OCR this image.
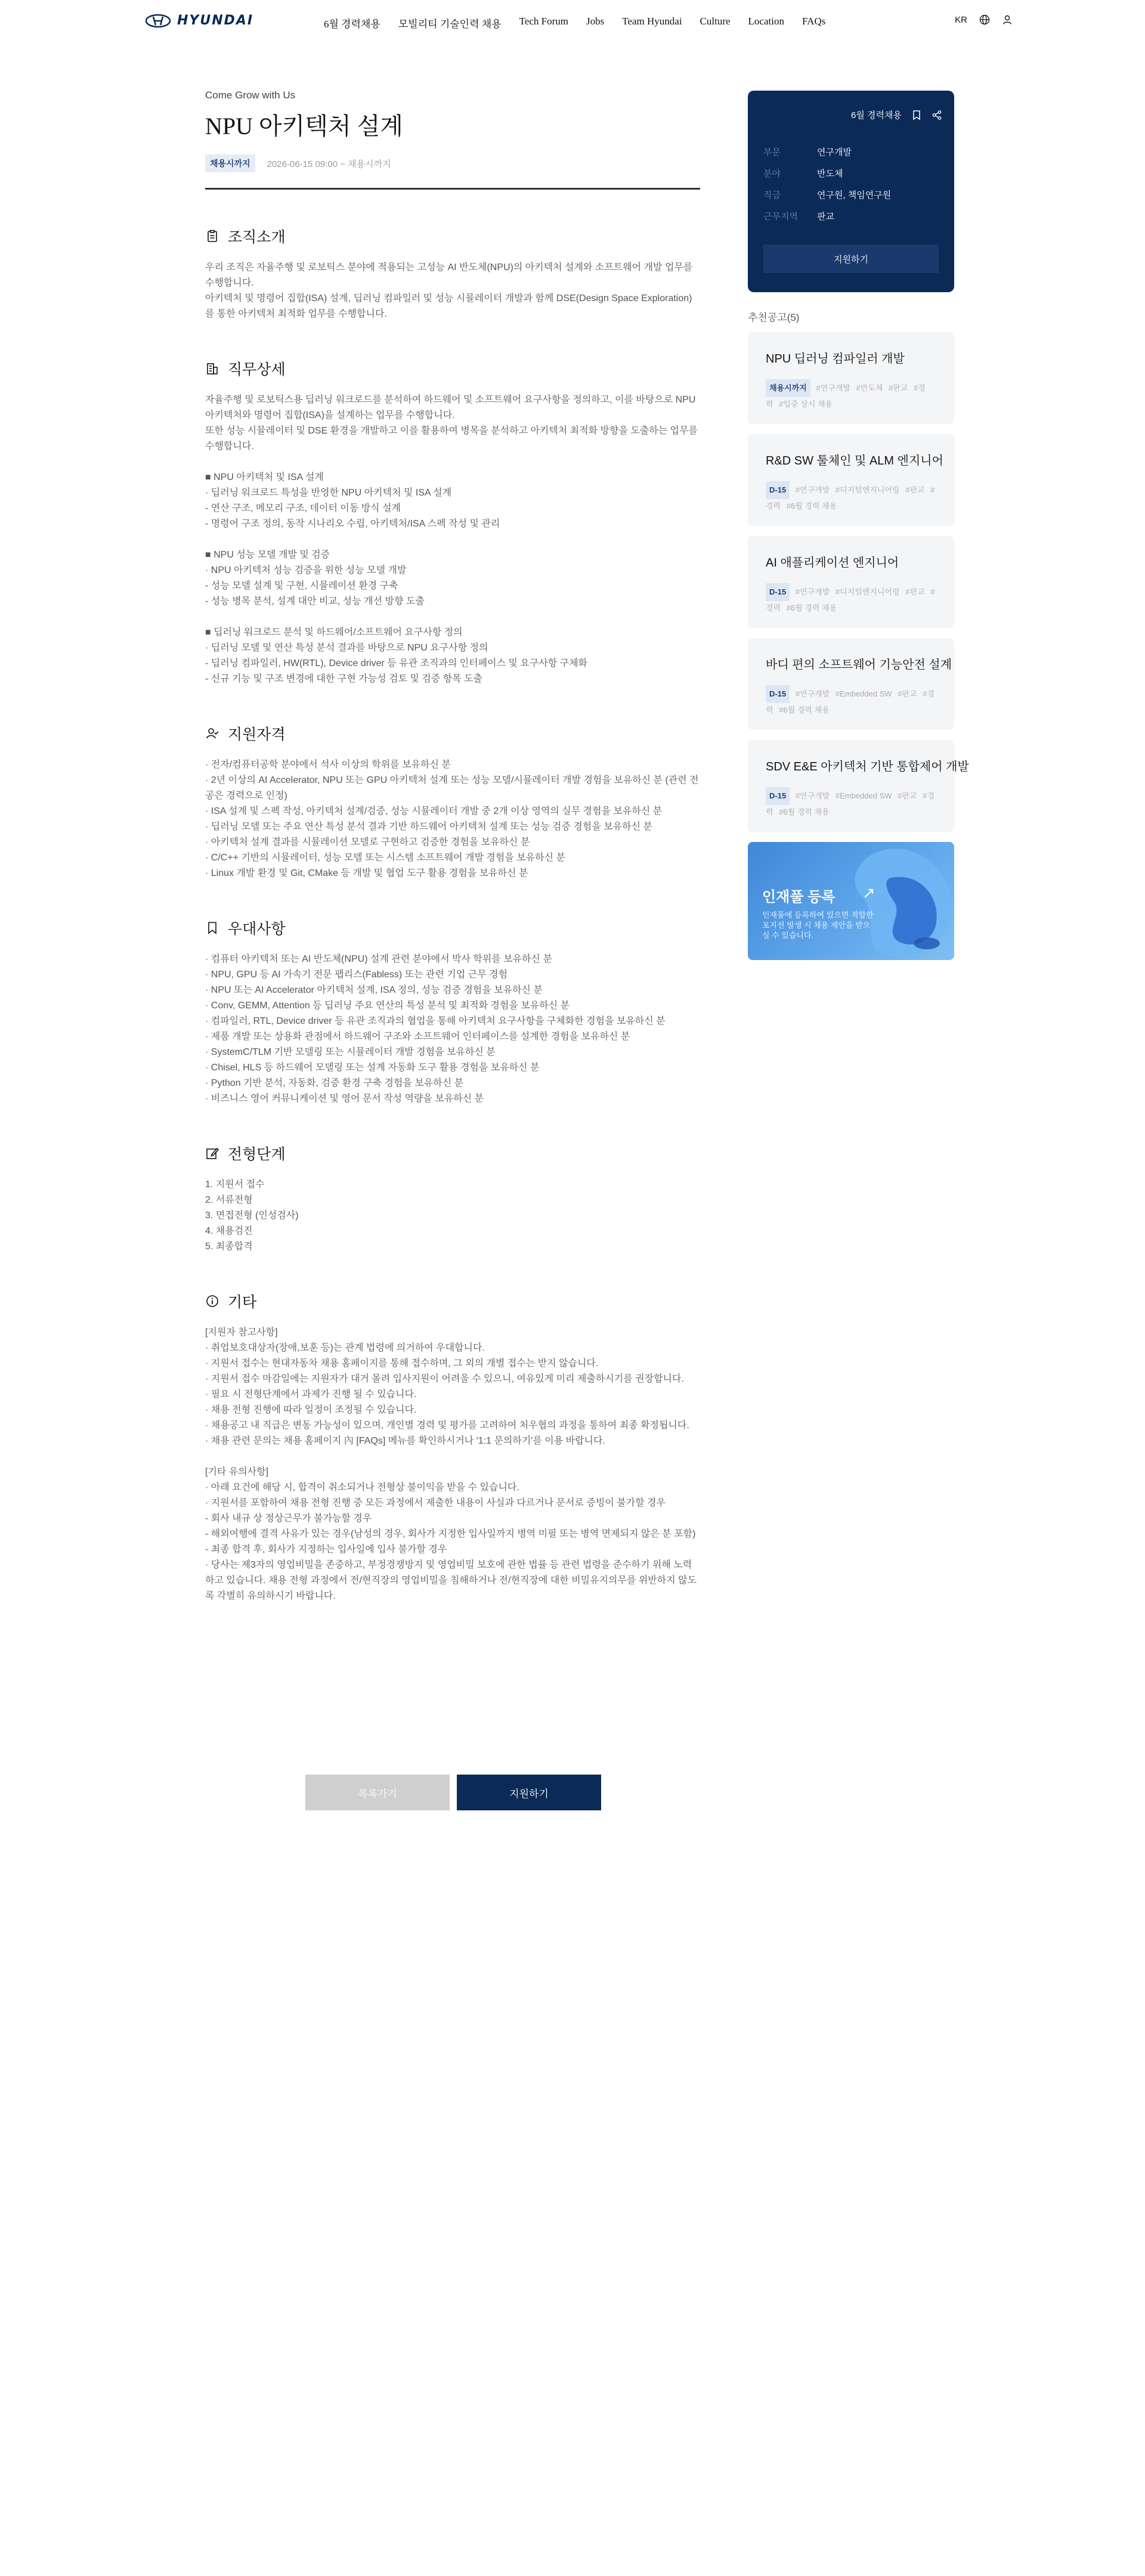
HYUNDAI	6월 경력채용 모빌리티 기술인력 채용 Tech Forum Jobs Team Hyundai Culture Location FAQs	KR
Come Grow with Us
NPU 아키텍처 설계
채용시까지	2026-06-15 09:00 ~ 채용시까지
조직소개
우리 조직은 자율주행 및 로보틱스 분야에 적용되는 고성능 AI 반도체(NPU)의 아키텍처 설계와 소프트웨어 개발 업무를 수행합니다.
아키텍처 및 명령어 집합(ISA) 설계, 딥러닝 컴파일러 및 성능 시뮬레이터 개발과 함께 DSE(Design Space Exploration)를 통한 아키텍처 최적화 업무를 수행합니다.
직무상세
자율주행 및 로보틱스용 딥러닝 워크로드를 분석하여 하드웨어 및 소프트웨어 요구사항을 정의하고, 이를 바탕으로 NPU 아키텍처와 명령어 집합(ISA)을 설계하는 업무를 수행합니다.
또한 성능 시뮬레이터 및 DSE 환경을 개발하고 이를 활용하여 병목을 분석하고 아키텍처 최적화 방향을 도출하는 업무를 수행합니다.

■ NPU 아키텍처 및 ISA 설계
· 딥러닝 워크로드 특성을 반영한 NPU 아키텍처 및 ISA 설계
- 연산 구조, 메모리 구조, 데이터 이동 방식 설계
- 명령어 구조 정의, 동작 시나리오 수립, 아키텍처/ISA 스펙 작성 및 관리

■ NPU 성능 모델 개발 및 검증
· NPU 아키텍처 성능 검증을 위한 성능 모델 개발
- 성능 모델 설계 및 구현, 시뮬레이션 환경 구축
- 성능 병목 분석, 설계 대안 비교, 성능 개선 방향 도출

■ 딥러닝 워크로드 분석 및 하드웨어/소프트웨어 요구사항 정의
· 딥러닝 모델 및 연산 특성 분석 결과를 바탕으로 NPU 요구사항 정의
- 딥러닝 컴파일러, HW(RTL), Device driver 등 유관 조직과의 인터페이스 및 요구사항 구체화
- 신규 기능 및 구조 변경에 대한 구현 가능성 검토 및 검증 항목 도출
지원자격
· 전자/컴퓨터공학 분야에서 석사 이상의 학위를 보유하신 분
· 2년 이상의 AI Accelerator, NPU 또는 GPU 아키텍처 설계 또는 성능 모델/시뮬레이터 개발 경험을 보유하신 분 (관련 전공은 경력으로 인정)
· ISA 설계 및 스펙 작성, 아키텍처 설계/검증, 성능 시뮬레이터 개발 중 2개 이상 영역의 실무 경험을 보유하신 분
· 딥러닝 모델 또는 주요 연산 특성 분석 결과 기반 하드웨어 아키텍처 설계 또는 성능 검증 경험을 보유하신 분
· 아키텍처 설계 결과를 시뮬레이션 모델로 구현하고 검증한 경험을 보유하신 분
· C/C++ 기반의 시뮬레이터, 성능 모델 또는 시스템 소프트웨어 개발 경험을 보유하신 분
· Linux 개발 환경 및 Git, CMake 등 개발 및 협업 도구 활용 경험을 보유하신 분
우대사항
· 컴퓨터 아키텍처 또는 AI 반도체(NPU) 설계 관련 분야에서 박사 학위를 보유하신 분
· NPU, GPU 등 AI 가속기 전문 팹리스(Fabless) 또는 관련 기업 근무 경험
· NPU 또는 AI Accelerator 아키텍처 설계, ISA 정의, 성능 검증 경험을 보유하신 분
· Conv, GEMM, Attention 등 딥러닝 주요 연산의 특성 분석 및 최적화 경험을 보유하신 분
· 컴파일러, RTL, Device driver 등 유관 조직과의 협업을 통해 아키텍처 요구사항을 구체화한 경험을 보유하신 분
· 제품 개발 또는 상용화 관점에서 하드웨어 구조와 소프트웨어 인터페이스를 설계한 경험을 보유하신 분
· SystemC/TLM 기반 모델링 또는 시뮬레이터 개발 경험을 보유하신 분
· Chisel, HLS 등 하드웨어 모델링 또는 설계 자동화 도구 활용 경험을 보유하신 분
· Python 기반 분석, 자동화, 검증 환경 구축 경험을 보유하신 분
· 비즈니스 영어 커뮤니케이션 및 영어 문서 작성 역량을 보유하신 분
전형단계
1. 지원서 접수
2. 서류전형
3. 면접전형 (인성검사)
4. 채용검진
5. 최종합격
기타
[지원자 참고사항]
· 취업보호대상자(장애,보훈 등)는 관계 법령에 의거하여 우대합니다.
· 지원서 접수는 현대자동차 채용 홈페이지를 통해 접수하며, 그 외의 개별 접수는 받지 않습니다.
· 지원서 접수 마감일에는 지원자가 대거 몰려 입사지원이 어려울 수 있으니, 여유있게 미리 제출하시기를 권장합니다.
· 필요 시 전형단계에서 과제가 진행 될 수 있습니다.
· 채용 전형 진행에 따라 일정이 조정될 수 있습니다.
· 채용공고 내 직급은 변동 가능성이 있으며, 개인별 경력 및 평가를 고려하여 처우협의 과정을 통하여 최종 확정됩니다.
· 채용 관련 문의는 채용 홈페이지 內 [FAQs] 메뉴를 확인하시거나 '1:1 문의하기'를 이용 바랍니다.

[기타 유의사항]
· 아래 요건에 해당 시, 합격이 취소되거나 전형상 불이익을 받을 수 있습니다.
· 지원서를 포함하여 채용 전형 진행 중 모든 과정에서 제출한 내용이 사실과 다르거나 문서로 증빙이 불가할 경우
- 회사 내규 상 정상근무가 불가능할 경우
- 해외여행에 결격 사유가 있는 경우(남성의 경우, 회사가 지정한 입사일까지 병역 미필 또는 병역 면제되지 않은 분 포함)
- 최종 합격 후, 회사가 지정하는 입사일에 입사 불가할 경우
· 당사는 제3자의 영업비밀을 존중하고, 부정경쟁방지 및 영업비밀 보호에 관한 법률 등 관련 법령을 준수하기 위해 노력하고 있습니다. 채용 전형 과정에서 전/현직장의 영업비밀을 침해하거나 전/현직장에 대한 비밀유지의무를 위반하지 않도록 각별히 유의하시기 바랍니다.
목록가기	지원하기
6월 경력채용
부문	연구개발
분야	반도체
직급	연구원, 책임연구원
근무지역	판교
지원하기
추천공고(5)
NPU 딥러닝 컴파일러 개발
채용시까지 #연구개발 #반도체 #판교 #경력 #입중 상시 채용
R&D SW 툴체인 및 ALM 엔지니어
D-15 #연구개발 #디지털엔지니어링 #판교 #경력 #6월 경력 채용
AI 애플리케이션 엔지니어
D-15 #연구개발 #디지털엔지니어링 #판교 #경력 #6월 경력 채용
바디 편의 소프트웨어 기능안전 설계
D-15 #연구개발 #Embedded SW #판교 #경력 #6월 경력 채용
SDV E&E 아키텍처 기반 통합제어 개발
D-15 #연구개발 #Embedded SW #판교 #경력 #6월 경력 채용
인재풀 등록 ↗
인재풀에 등록하여 있으면 적합한 포지션 발생 시 채용 제안을 받으실 수 있습니다.
